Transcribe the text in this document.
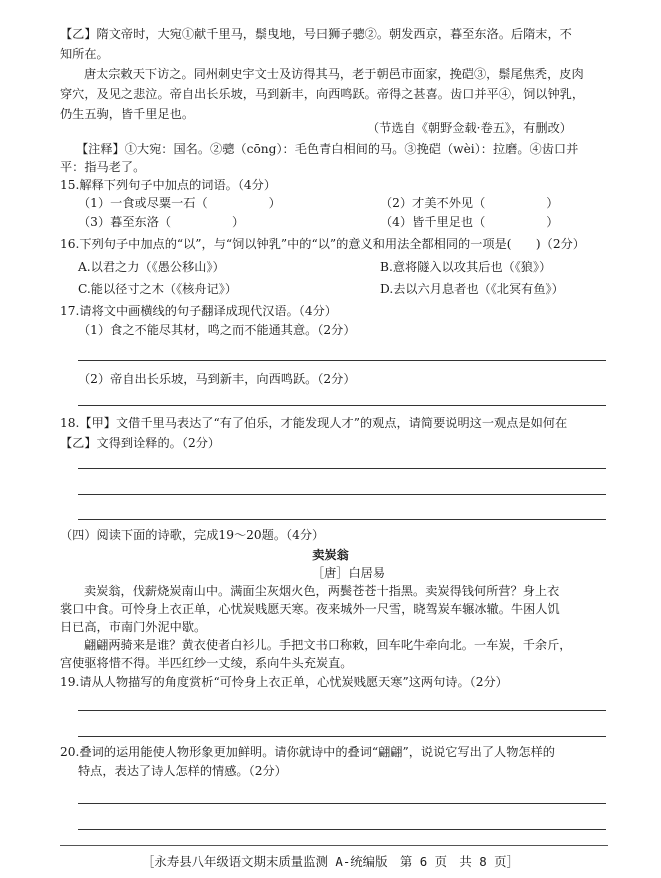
【乙】隋文帝时，大宛①献千里马，鬃曳地，号曰狮子骢②。朝发西京，暮至东洛。后隋末，不
知所在。
唐太宗敕天下访之。同州刺史宇文士及访得其马，老于朝邑市面家，挽硙③，鬃尾焦秃，皮肉
穿穴，及见之悲泣。帝自出长乐坡，马到新丰，向西鸣跃。帝得之甚喜。齿口并平④，饲以钟乳，
仍生五驹，皆千里足也。
（节选自《朝野佥载·卷五》，有删改）
【注释】①大宛：国名。②骢（cōng）：毛色青白相间的马。③挽硙（wèi）：拉磨。④齿口并
平：指马老了。
15.解释下列句子中加点的词语。（4分）
（1）一食或尽粟一石（　　　　　）	（2）才美不外见（　　　　　）
（3）暮至东洛（　　　　　）	（4）皆千里足也（　　　　　）
16.下列句子中加点的“以”，与“饲以钟乳”中的“以”的意义和用法全都相同的一项是(　　)（2分）
A.以君之力（《愚公移山》）	B.意将隧入以攻其后也（《狼》）
C.能以径寸之木（《核舟记》）	D.去以六月息者也（《北冥有鱼》）
17.请将文中画横线的句子翻译成现代汉语。（4分）
（1）食之不能尽其材，鸣之而不能通其意。（2分）
（2）帝自出长乐坡，马到新丰，向西鸣跃。（2分）
18.【甲】文借千里马表达了“有了伯乐，才能发现人才”的观点，请简要说明这一观点是如何在
【乙】文得到诠释的。（2分）
（四）阅读下面的诗歌，完成19～20题。（4分）
卖炭翁
［唐］白居易
卖炭翁，伐薪烧炭南山中。满面尘灰烟火色，两鬓苍苍十指黑。卖炭得钱何所营？身上衣
裳口中食。可怜身上衣正单，心忧炭贱愿天寒。夜来城外一尺雪，晓驾炭车辗冰辙。牛困人饥
日已高，市南门外泥中歇。
翩翩两骑来是谁？黄衣使者白衫儿。手把文书口称敕，回车叱牛牵向北。一车炭，千余斤，
宫使驱将惜不得。半匹红纱一丈绫，系向牛头充炭直。
19.请从人物描写的角度赏析“可怜身上衣正单，心忧炭贱愿天寒”这两句诗。（2分）
20.叠词的运用能使人物形象更加鲜明。请你就诗中的叠词“翩翩”，说说它写出了人物怎样的
特点，表达了诗人怎样的情感。（2分）
［永寿县八年级语文期末质量监测 A-统编版　第 6 页　共 8 页］
